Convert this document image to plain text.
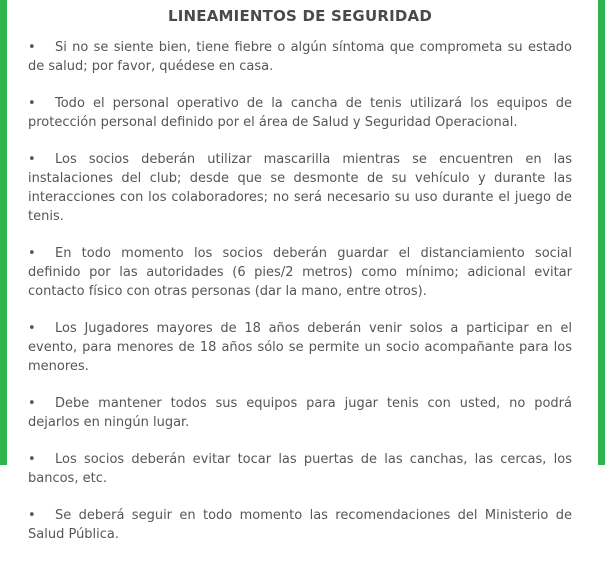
LINEAMIENTOS DE SEGURIDAD
• Si no se siente bien, tiene fiebre o algún síntoma que comprometa su estado de salud; por favor, quédese en casa.
• Todo el personal operativo de la cancha de tenis utilizará los equipos de protección personal definido por el área de Salud y Seguridad Operacional.
• Los socios deberán utilizar mascarilla mientras se encuentren en las instalaciones del club; desde que se desmonte de su vehículo y durante las interacciones con los colaboradores; no será necesario su uso durante el juego de tenis.
• En todo momento los socios deberán guardar el distanciamiento social definido por las autoridades (6 pies/2 metros) como mínimo; adicional evitar contacto físico con otras personas (dar la mano, entre otros).
• Los Jugadores mayores de 18 años deberán venir solos a participar en el evento, para menores de 18 años sólo se permite un socio acompañante para los menores.
• Debe mantener todos sus equipos para jugar tenis con usted, no podrá dejarlos en ningún lugar.
• Los socios deberán evitar tocar las puertas de las canchas, las cercas, los bancos, etc.
• Se deberá seguir en todo momento las recomendaciones del Ministerio de Salud Pública.
